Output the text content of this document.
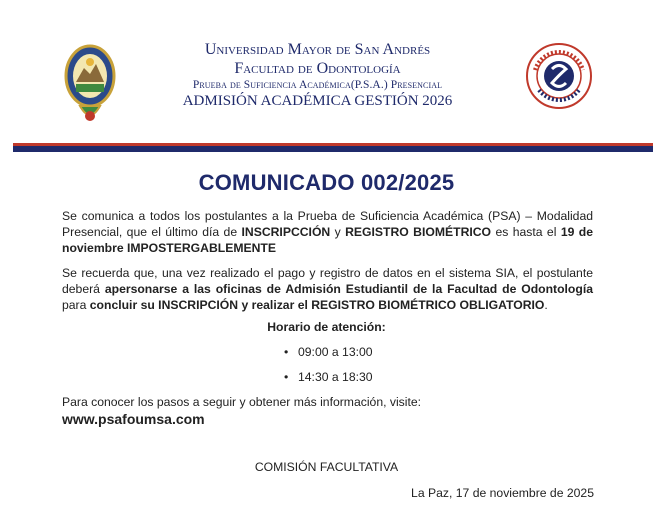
Universidad Mayor de San Andrés
Facultad de Odontología
Prueba de Suficiencia Académica(P.S.A.) Presencial
ADMISIÓN ACADÉMICA GESTIÓN 2026
COMUNICADO 002/2025
Se comunica a todos los postulantes a la Prueba de Suficiencia Académica (PSA) – Modalidad Presencial, que el último día de INSCRIPCCIÓN y REGISTRO BIOMÉTRICO es hasta el 19 de noviembre IMPOSTERGABLEMENTE
Se recuerda que, una vez realizado el pago y registro de datos en el sistema SIA, el postulante deberá apersonarse a las oficinas de Admisión Estudiantil de la Facultad de Odontología para concluir su INSCRIPCIÓN y realizar el REGISTRO BIOMÉTRICO OBLIGATORIO.
Horario de atención:
• 09:00 a 13:00
• 14:30 a 18:30
Para conocer los pasos a seguir y obtener más información, visite:
www.psafoumsa.com
COMISIÓN FACULTATIVA
La Paz, 17 de noviembre de 2025
